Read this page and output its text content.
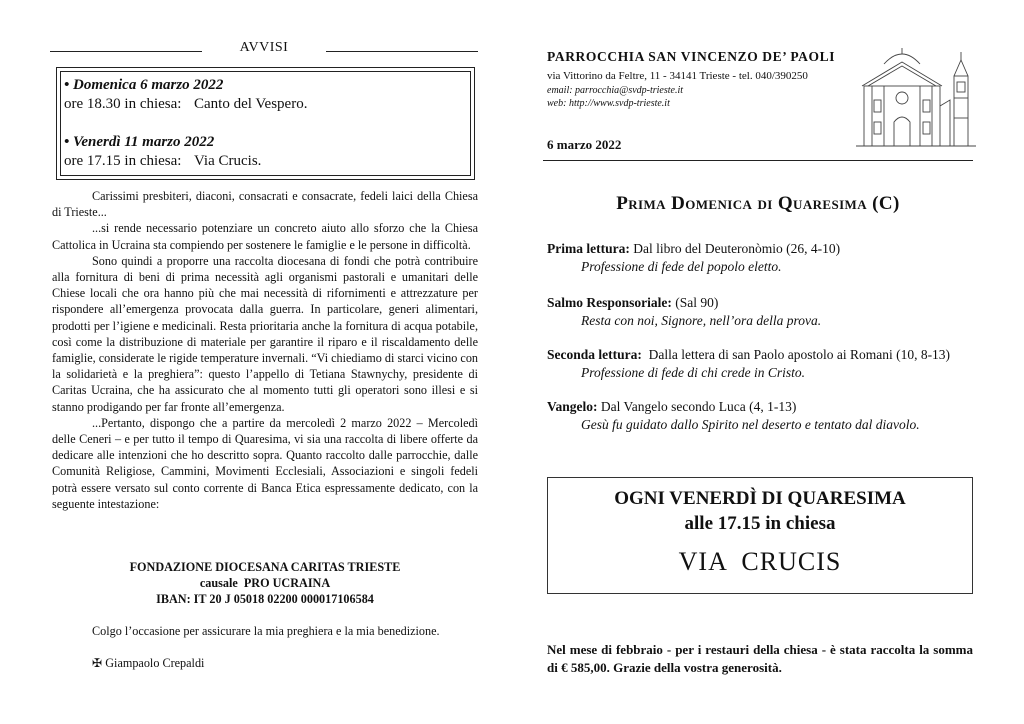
AVVISI
• Domenica 6 marzo 2022
ore 18.30 in chiesa: Canto del Vespero.
• Venerdì 11 marzo 2022
ore 17.15 in chiesa: Via Crucis.

Carissimi presbiteri, diaconi, consacrati e consacrate, fedeli laici della Chiesa di Trieste...

...si rende necessario potenziare un concreto aiuto allo sforzo che la Chiesa Cattolica in Ucraina sta compiendo per sostenere le famiglie e le persone in difficoltà.

Sono quindi a proporre una raccolta diocesana di fondi che potrà contribuire alla fornitura di beni di prima necessità agli organismi pastorali e umanitari delle Chiese locali che ora hanno più che mai necessità di rifornimenti e attrezzature per rispondere all’emergenza provocata dalla guerra. In particolare, generi alimentari, prodotti per l’igiene e medicinali. Resta prioritaria anche la fornitura di acqua potabile, così come la distribuzione di materiale per garantire il riparo e il riscaldamento delle famiglie, considerate le rigide temperature invernali. “Vi chiediamo di starci vicino con la solidarietà e la preghiera”: questo l’appello di Tetiana Stawnychy, presidente di Caritas Ucraina, che ha assicurato che al momento tutti gli operatori sono illesi e si stanno prodigando per far fronte all’emergenza.

...Pertanto, dispongo che a partire da mercoledì 2 marzo 2022 – Mercoledì delle Ceneri – e per tutto il tempo di Quaresima, vi sia una raccolta di libere offerte da dedicare alle intenzioni che ho descritto sopra. Quanto raccolto dalle parrocchie, dalle Comunità Religiose, Cammini, Movimenti Ecclesiali, Associazioni e singoli fedeli potrà essere versato sul conto corrente di Banca Etica espressamente dedicato, con la seguente intestazione:

FONDAZIONE DIOCESANA CARITAS TRIESTE
causale  PRO UCRAINA
IBAN: IT 20 J 05018 02200 000017106584
Colgo l’occasione per assicurare la mia preghiera e la mia benedizione.
✠ Giampaolo Crepaldi
PARROCCHIA SAN VINCENZO DE’ PAOLI
via Vittorino da Feltre, 11 - 34141 Trieste - tel. 040/390250
email: parrocchia@svdp-trieste.it
web: http://www.svdp-trieste.it
6 marzo 2022
Prima Domenica di Quaresima (C)
Prima lettura: Dal libro del Deuteronòmio (26, 4-10)
Professione di fede del popolo eletto.
Salmo Responsoriale: (Sal 90)
Resta con noi, Signore, nell’ora della prova.
Seconda lettura:  Dalla lettera di san Paolo apostolo ai Romani (10, 8-13)
Professione di fede di chi crede in Cristo.
Vangelo: Dal Vangelo secondo Luca (4, 1-13)
Gesù fu guidato dallo Spirito nel deserto e tentato dal diavolo.
OGNI VENERDÌ DI QUARESIMA
alle 17.15 in chiesa
VIA  CRUCIS
Nel mese di febbraio - per i restauri della chiesa - è stata raccolta la somma di € 585,00. Grazie della vostra generosità.
